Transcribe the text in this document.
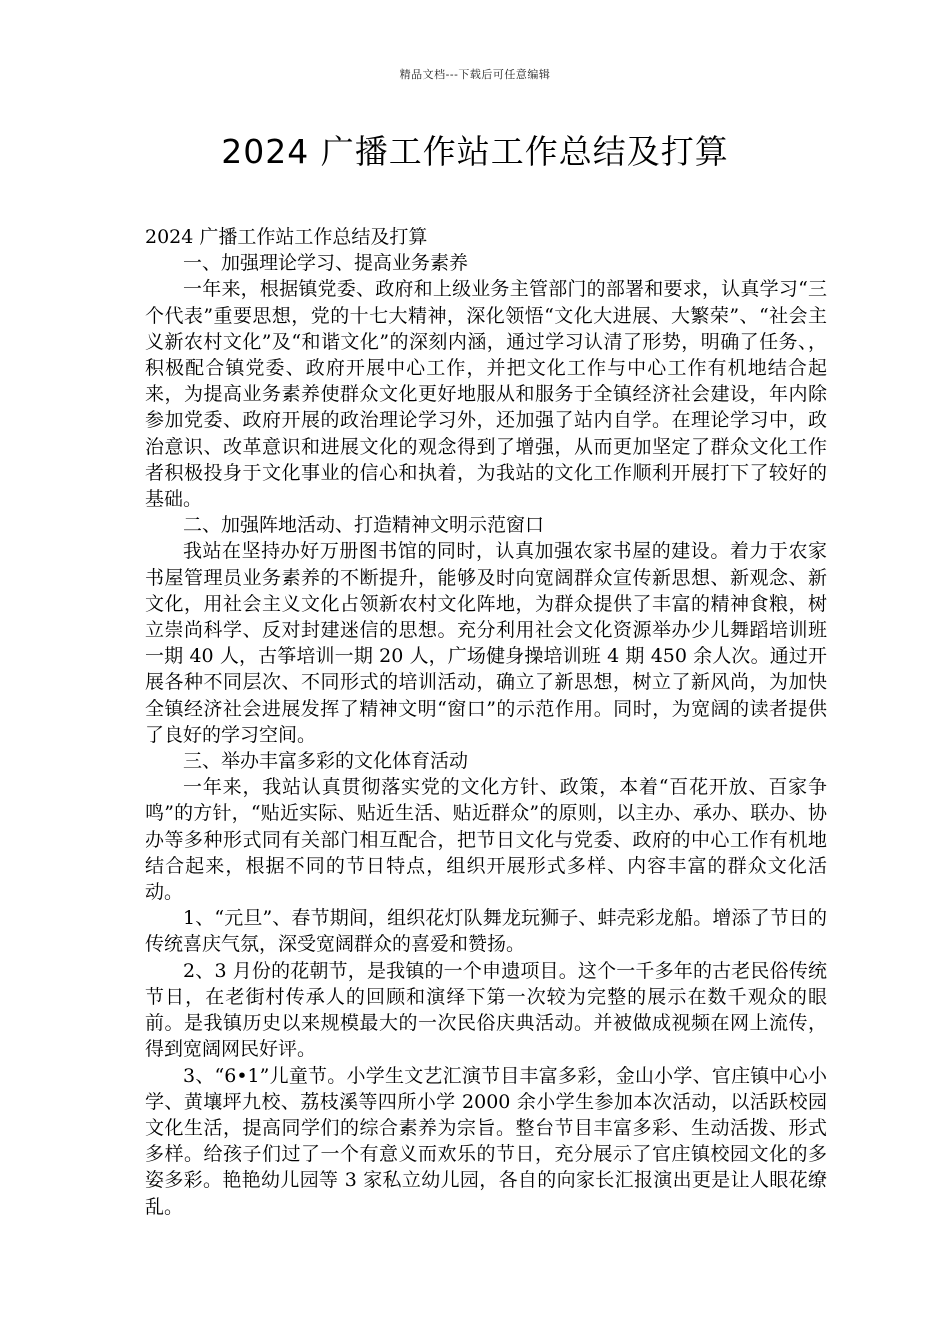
精品文档---下载后可任意编辑
2024 广播工作站工作总结及打算

2024 广播工作站工作总结及打算

一、加强理论学习、提高业务素养

一年来，根据镇党委、政府和上级业务主管部门的部署和要求，认真学习“三个代表”重要思想，党的十七大精神，深化领悟“文化大进展、大繁荣”、“社会主义新农村文化”及“和谐文化”的深刻内涵，通过学习认清了形势，明确了任务、，积极配合镇党委、政府开展中心工作，并把文化工作与中心工作有机地结合起来，为提高业务素养使群众文化更好地服从和服务于全镇经济社会建设，年内除参加党委、政府开展的政治理论学习外，还加强了站内自学。在理论学习中，政治意识、改革意识和进展文化的观念得到了增强，从而更加坚定了群众文化工作者积极投身于文化事业的信心和执着，为我站的文化工作顺利开展打下了较好的基础。

二、加强阵地活动、打造精神文明示范窗口

我站在坚持办好万册图书馆的同时，认真加强农家书屋的建设。着力于农家书屋管理员业务素养的不断提升，能够及时向宽阔群众宣传新思想、新观念、新文化，用社会主义文化占领新农村文化阵地，为群众提供了丰富的精神食粮，树立崇尚科学、反对封建迷信的思想。充分利用社会文化资源举办少儿舞蹈培训班一期 40 人，古筝培训一期 20 人，广场健身操培训班 4 期 450 余人次。通过开展各种不同层次、不同形式的培训活动，确立了新思想，树立了新风尚，为加快全镇经济社会进展发挥了精神文明“窗口”的示范作用。同时，为宽阔的读者提供了良好的学习空间。

三、举办丰富多彩的文化体育活动

一年来，我站认真贯彻落实党的文化方针、政策，本着“百花开放、百家争鸣”的方针，“贴近实际、贴近生活、贴近群众”的原则，以主办、承办、联办、协办等多种形式同有关部门相互配合，把节日文化与党委、政府的中心工作有机地结合起来，根据不同的节日特点，组织开展形式多样、内容丰富的群众文化活动。

1、“元旦”、春节期间，组织花灯队舞龙玩狮子、蚌壳彩龙船。增添了节日的传统喜庆气氛，深受宽阔群众的喜爱和赞扬。

2、3 月份的花朝节，是我镇的一个申遗项目。这个一千多年的古老民俗传统节日，在老街村传承人的回顾和演绎下第一次较为完整的展示在数千观众的眼前。是我镇历史以来规模最大的一次民俗庆典活动。并被做成视频在网上流传，得到宽阔网民好评。

3、“6•1”儿童节。小学生文艺汇演节目丰富多彩，金山小学、官庄镇中心小学、黄壤坪九校、荔枝溪等四所小学 2000 余小学生参加本次活动，以活跃校园文化生活，提高同学们的综合素养为宗旨。整台节目丰富多彩、生动活拨、形式多样。给孩子们过了一个有意义而欢乐的节日，充分展示了官庄镇校园文化的多姿多彩。艳艳幼儿园等 3 家私立幼儿园，各自的向家长汇报演出更是让人眼花缭乱。
